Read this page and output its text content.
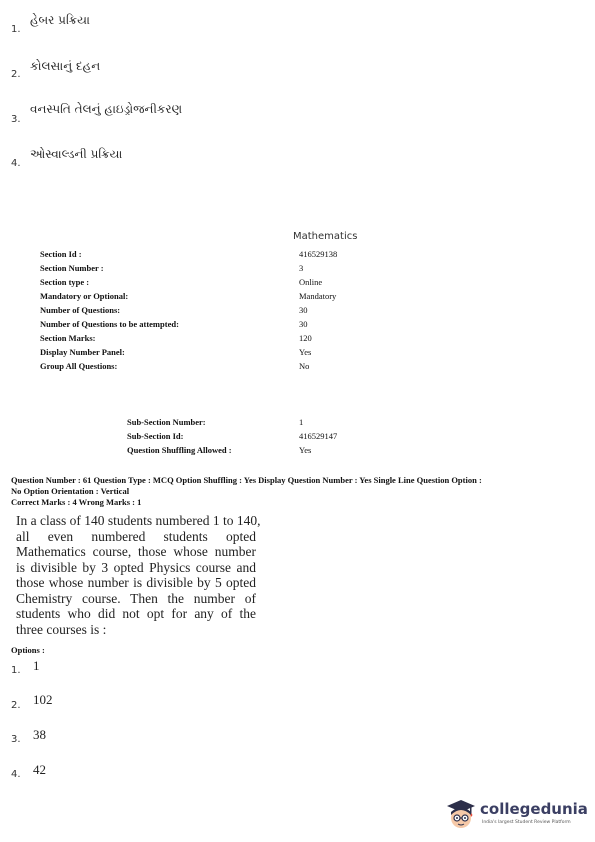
1.
હેબર પ્રક્રિયા
2.
કોલસાનું દહન
3.
વનસ્પતિ તેલનું હાઇડ્રોજનીકરણ
4.
ઓસ્વાલ્ડની પ્રક્રિયા
Mathematics
Section Id :	416529138
Section Number :	3
Section type :	Online
Mandatory or Optional:	Mandatory
Number of Questions:	30
Number of Questions to be attempted:	30
Section Marks:	120
Display Number Panel:	Yes
Group All Questions:	No
Sub-Section Number:	1
Sub-Section Id:	416529147
Question Shuffling Allowed :	Yes
Question Number : 61 Question Type : MCQ Option Shuffling : Yes Display Question Number : Yes Single Line Question Option :
No Option Orientation : Vertical
Correct Marks : 4 Wrong Marks : 1
In a class of 140 students numbered 1 to 140,
all even numbered students opted
Mathematics course, those whose number
is divisible by 3 opted Physics course and
those whose number is divisible by 5 opted
Chemistry course. Then the number of
students who did not opt for any of the
three courses is :
Options :
1. 1
2. 102
3. 38
4. 42
collegedunia
India's largest Student Review Platform
